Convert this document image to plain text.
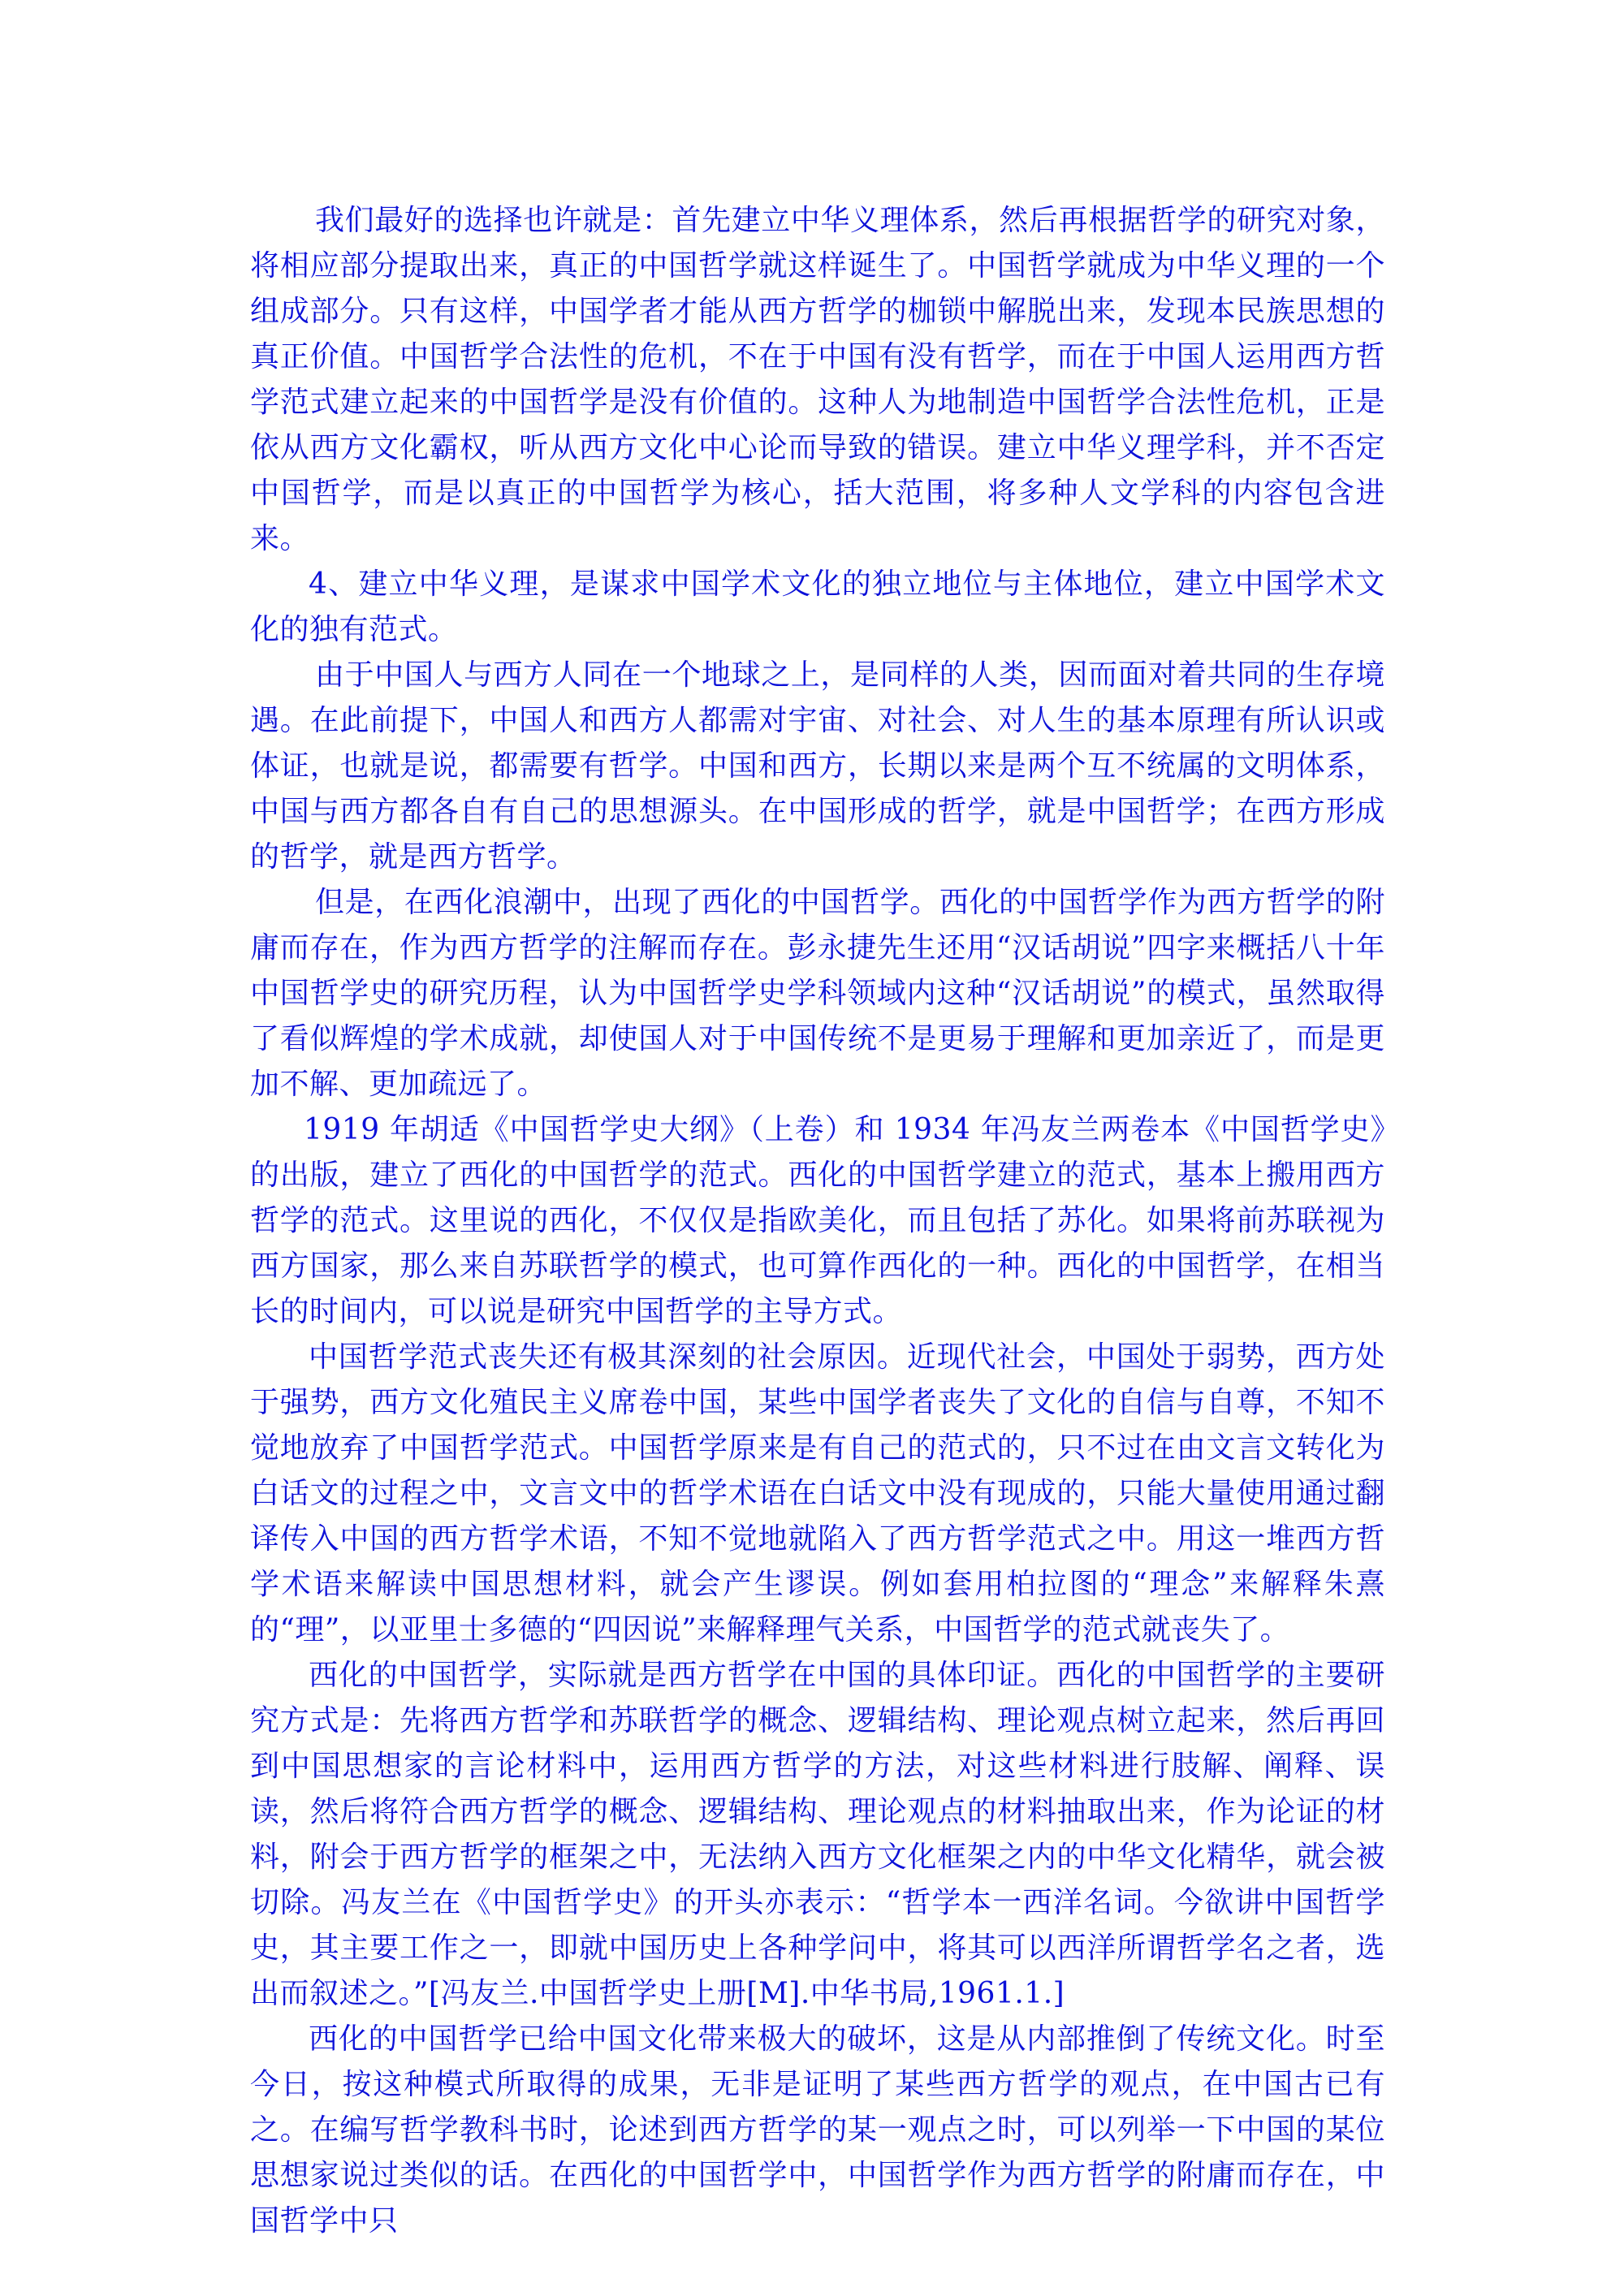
我们最好的选择也许就是：首先建立中华义理体系，然后再根据哲学的研究对象，将相应部分提取出来，真正的中国哲学就这样诞生了。中国哲学就成为中华义理的一个组成部分。只有这样，中国学者才能从西方哲学的枷锁中解脱出来，发现本民族思想的真正价值。中国哲学合法性的危机，不在于中国有没有哲学，而在于中国人运用西方哲学范式建立起来的中国哲学是没有价值的。这种人为地制造中国哲学合法性危机，正是依从西方文化霸权，听从西方文化中心论而导致的错误。建立中华义理学科，并不否定中国哲学，而是以真正的中国哲学为核心，括大范围，将多种人文学科的内容包含进来。

4、建立中华义理，是谋求中国学术文化的独立地位与主体地位，建立中国学术文化的独有范式。

由于中国人与西方人同在一个地球之上，是同样的人类，因而面对着共同的生存境遇。在此前提下，中国人和西方人都需对宇宙、对社会、对人生的基本原理有所认识或体证，也就是说，都需要有哲学。中国和西方，长期以来是两个互不统属的文明体系，中国与西方都各自有自己的思想源头。在中国形成的哲学，就是中国哲学；在西方形成的哲学，就是西方哲学。

但是，在西化浪潮中，出现了西化的中国哲学。西化的中国哲学作为西方哲学的附庸而存在，作为西方哲学的注解而存在。彭永捷先生还用“汉话胡说”四字来概括八十年中国哲学史的研究历程，认为中国哲学史学科领域内这种“汉话胡说”的模式，虽然取得了看似辉煌的学术成就，却使国人对于中国传统不是更易于理解和更加亲近了，而是更加不解、更加疏远了。

1919 年胡适《中国哲学史大纲》（上卷）和 1934 年冯友兰两卷本《中国哲学史》的出版，建立了西化的中国哲学的范式。西化的中国哲学建立的范式，基本上搬用西方哲学的范式。这里说的西化，不仅仅是指欧美化，而且包括了苏化。如果将前苏联视为西方国家，那么来自苏联哲学的模式，也可算作西化的一种。西化的中国哲学，在相当长的时间内，可以说是研究中国哲学的主导方式。

中国哲学范式丧失还有极其深刻的社会原因。近现代社会，中国处于弱势，西方处于强势，西方文化殖民主义席卷中国，某些中国学者丧失了文化的自信与自尊，不知不觉地放弃了中国哲学范式。中国哲学原来是有自己的范式的，只不过在由文言文转化为白话文的过程之中，文言文中的哲学术语在白话文中没有现成的，只能大量使用通过翻译传入中国的西方哲学术语，不知不觉地就陷入了西方哲学范式之中。用这一堆西方哲学术语来解读中国思想材料，就会产生谬误。例如套用柏拉图的“理念”来解释朱熹的“理”，以亚里士多德的“四因说”来解释理气关系，中国哲学的范式就丧失了。

西化的中国哲学，实际就是西方哲学在中国的具体印证。西化的中国哲学的主要研究方式是：先将西方哲学和苏联哲学的概念、逻辑结构、理论观点树立起来，然后再回到中国思想家的言论材料中，运用西方哲学的方法，对这些材料进行肢解、阐释、误读，然后将符合西方哲学的概念、逻辑结构、理论观点的材料抽取出来，作为论证的材料，附会于西方哲学的框架之中，无法纳入西方文化框架之内的中华文化精华，就会被切除。冯友兰在《中国哲学史》的开头亦表示：“哲学本一西洋名词。今欲讲中国哲学史，其主要工作之一，即就中国历史上各种学问中，将其可以西洋所谓哲学名之者，选出而叙述之。”[冯友兰.中国哲学史上册[M].中华书局,1961.1.]

西化的中国哲学已给中国文化带来极大的破坏，这是从内部推倒了传统文化。时至今日，按这种模式所取得的成果，无非是证明了某些西方哲学的观点，在中国古已有之。在编写哲学教科书时，论述到西方哲学的某一观点之时，可以列举一下中国的某位思想家说过类似的话。在西化的中国哲学中，中国哲学作为西方哲学的附庸而存在，中国哲学中只
